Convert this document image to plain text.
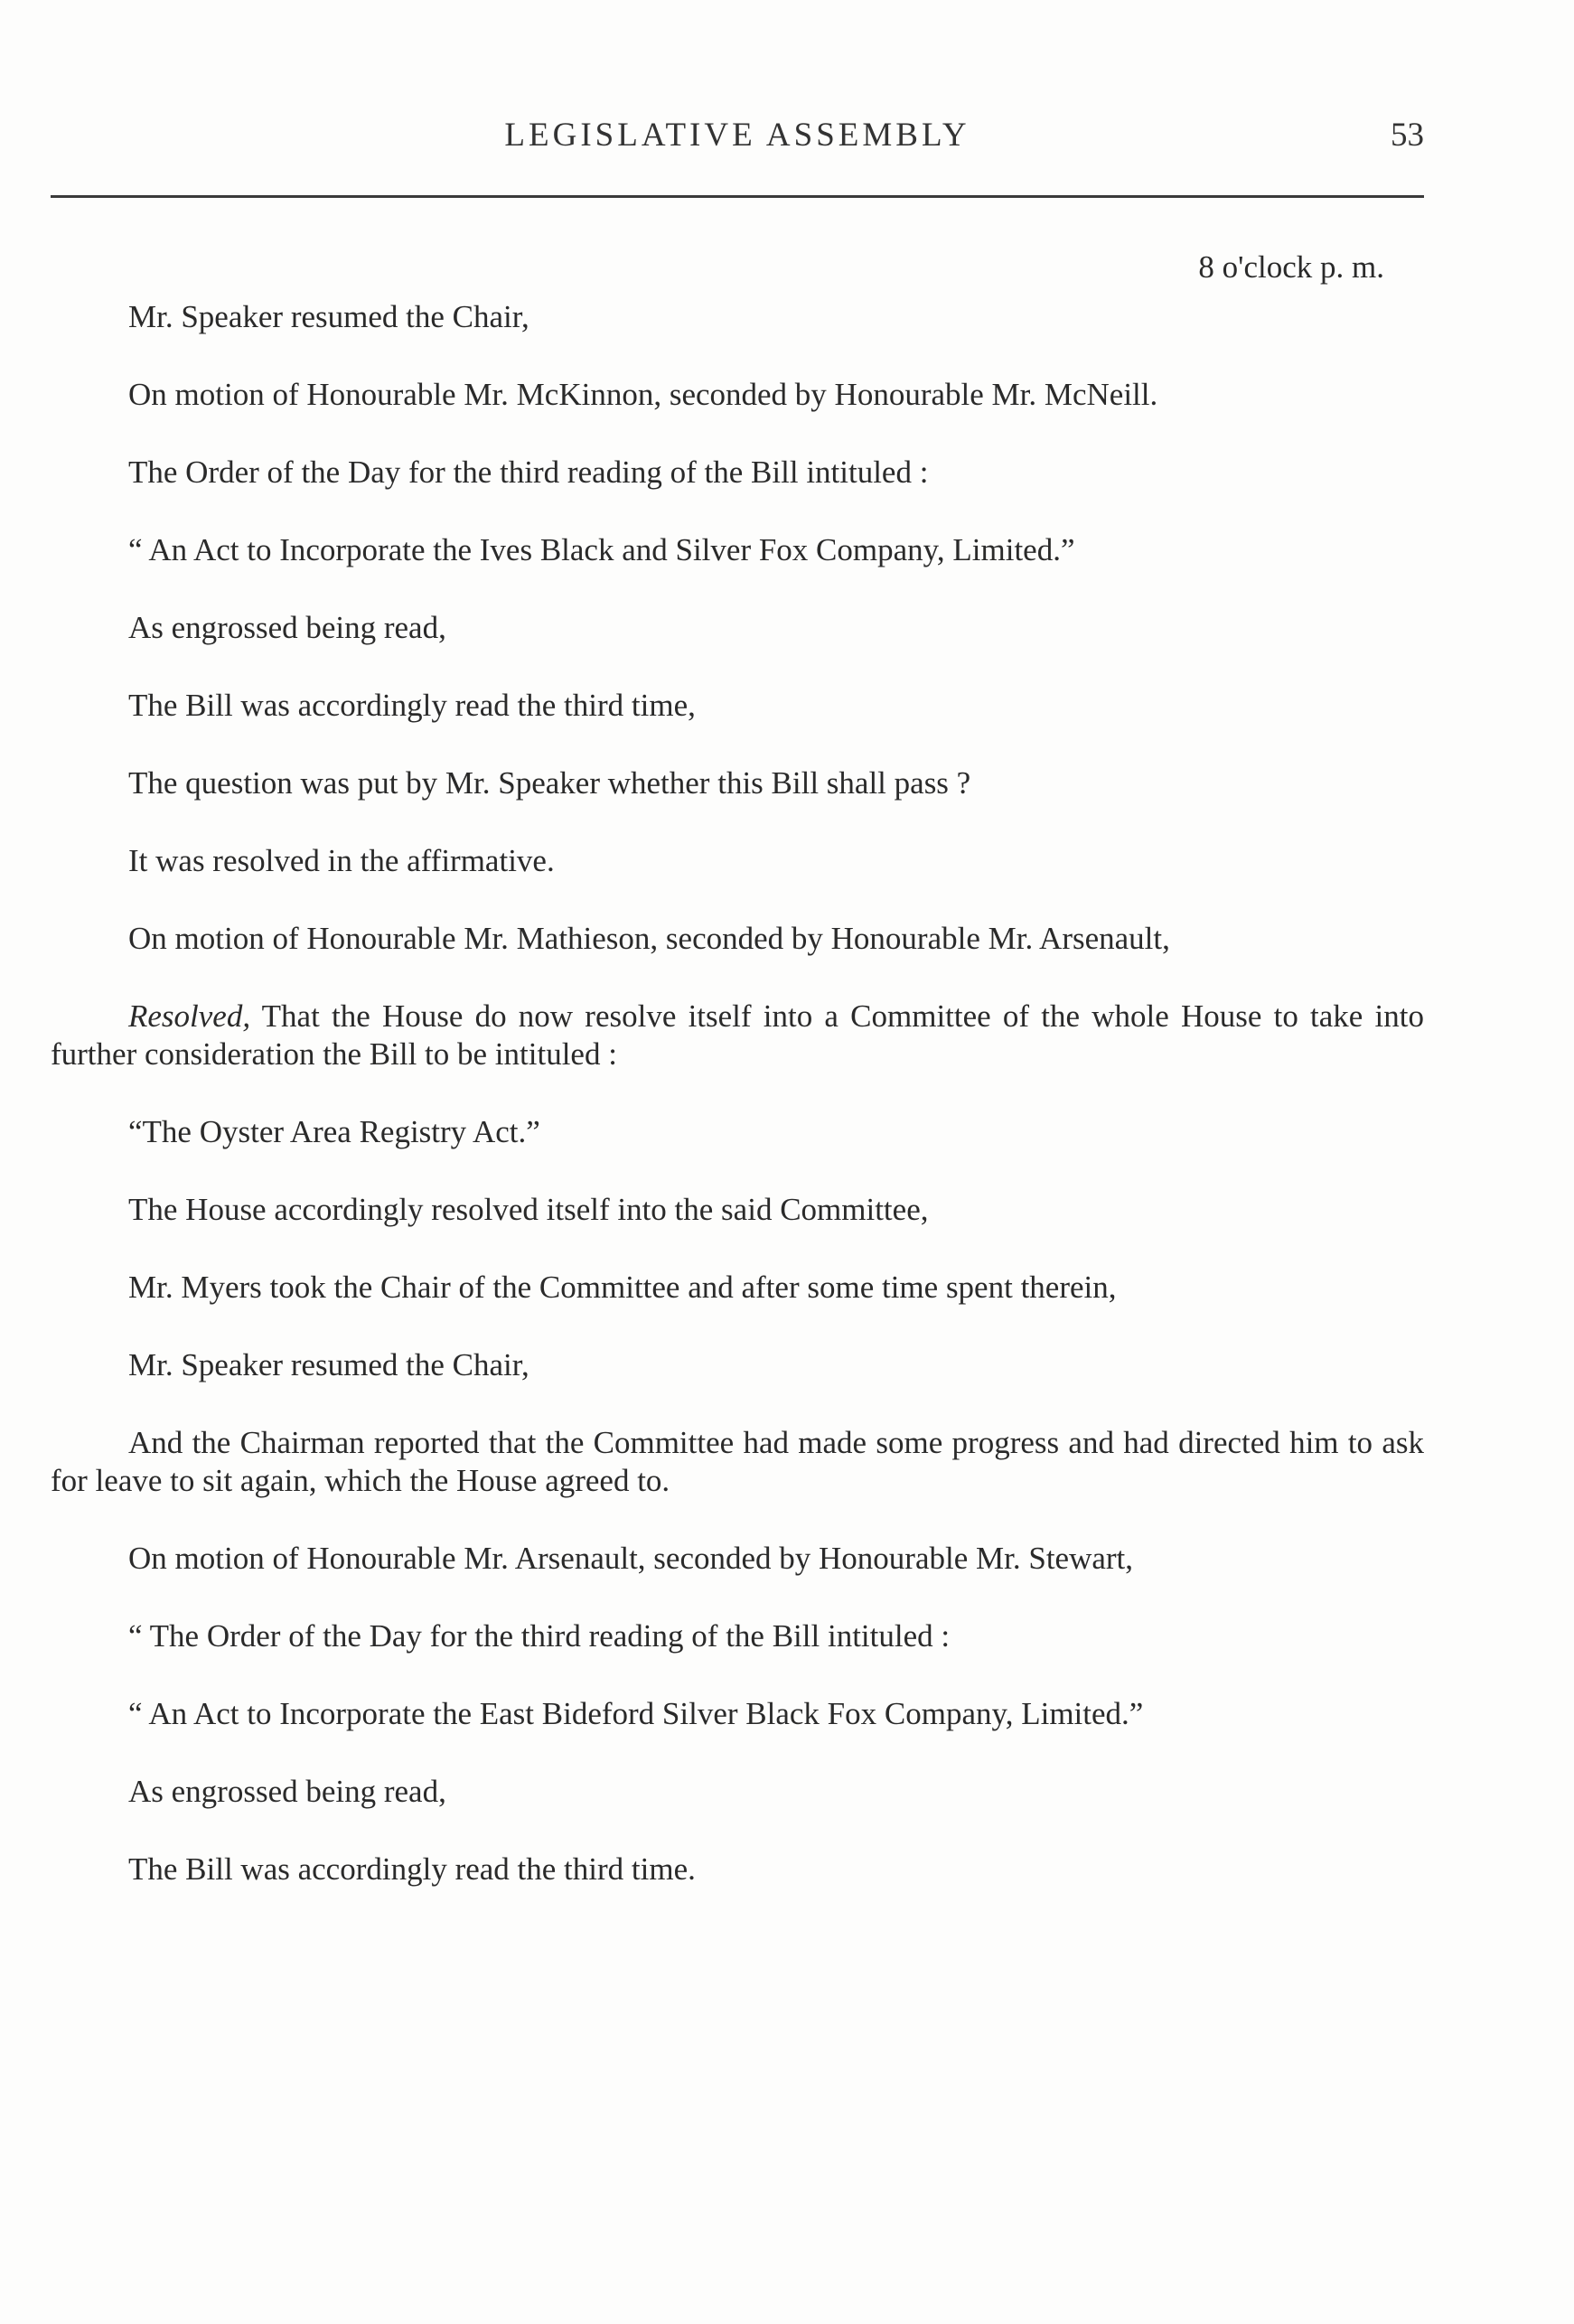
LEGISLATIVE ASSEMBLY	53
8 o'clock p. m.

Mr. Speaker resumed the Chair,

On motion of Honourable Mr. McKinnon, seconded by Honourable Mr. McNeill.

The Order of the Day for the third reading of the Bill intituled :

“ An Act to Incorporate the Ives Black and Silver Fox Company, Limited.”

As engrossed being read,

The Bill was accordingly read the third time,

The question was put by Mr. Speaker whether this Bill shall pass ?

It was resolved in the affirmative.

On motion of Honourable Mr. Mathieson, seconded by Honourable Mr. Arsenault,

Resolved, That the House do now resolve itself into a Committee of the whole House to take into further consideration the Bill to be intituled :

“The Oyster Area Registry Act.”

The House accordingly resolved itself into the said Committee,

Mr. Myers took the Chair of the Committee and after some time spent therein,

Mr. Speaker resumed the Chair,

And the Chairman reported that the Committee had made some progress and had directed him to ask for leave to sit again, which the House agreed to.

On motion of Honourable Mr. Arsenault, seconded by Honourable Mr. Stewart,

“ The Order of the Day for the third reading of the Bill intituled :

“ An Act to Incorporate the East Bideford Silver Black Fox Company, Limited.”

As engrossed being read,

The Bill was accordingly read the third time.
